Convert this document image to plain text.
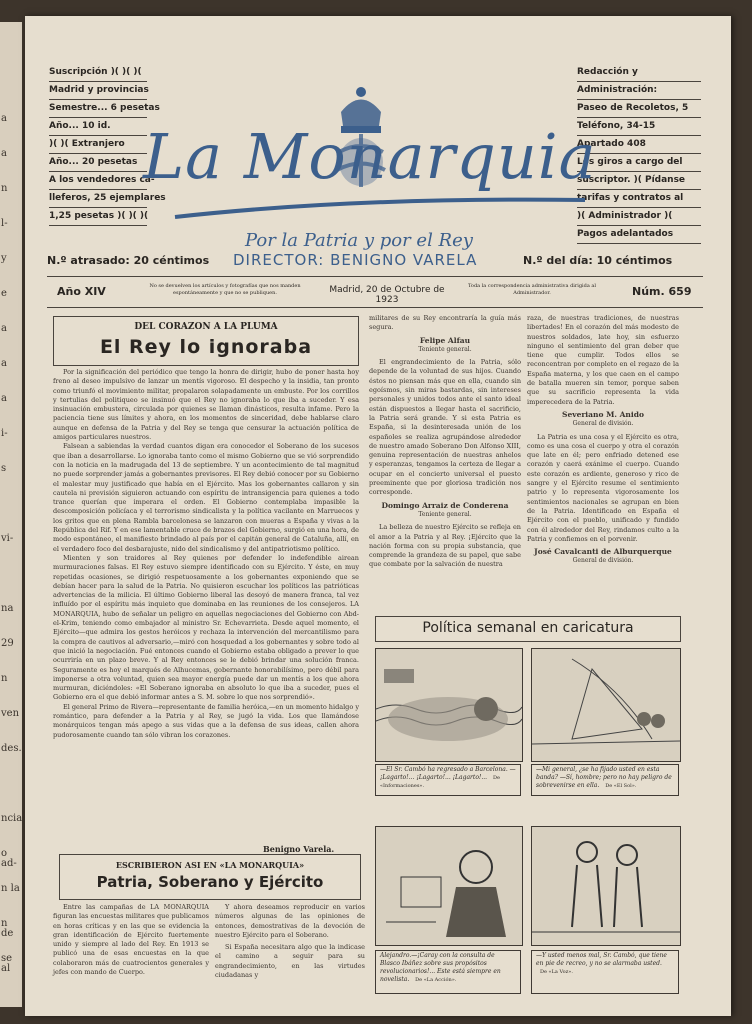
a
a
n
l-
y
e
a
a
a
i-
s
vi-
na
29
n
ven
des.
ncia,
o ad-
n la
n de
se al
Suscripción )( )( )(
Madrid y provincias
Semestre... 6 pesetas
Año... 10 id.
)( )( Extranjero
Año... 20 pesetas
A los vendedores ca-
lleferos, 25 ejemplares
1,25 pesetas )( )( )(
Redacción y
Administración:
Paseo de Recoletos, 5
Teléfono, 34-15
Apartado 408
Los giros a cargo del
suscriptor. )( Pídanse
tarifas y contratos al
)( Administrador )(
Pagos adelantados
La Monarquia
Por la Patria y por el Rey
N.º atrasado: 20 céntimos	DIRECTOR: BENIGNO VARELA	N.º del día: 10 céntimos
Año XIV	No se devuelven los artículos y fotografías que nos manden espontáneamente y que no se publiquen.	Madrid, 20 de Octubre de 1923
Toda la correspondencia administrativa dirigida al Administrador.	Núm. 659
DEL CORAZON A LA PLUMA
El Rey lo ignoraba

Por la significación del periódico que tengo la honra de dirigir, hubo de poner hasta hoy freno al deseo impulsivo de lanzar un mentís vigoroso. El despecho y la insidia, tan pronto como triunfó el movimiento militar, propalaron solapadamente un embuste. Por los corrillos y tertulias del politiqueo se insinuó que el Rey no ignoraba lo que iba a suceder. Y esa insinuación embustera, circulada por quienes se llaman dinásticos, resulta infame. Pero la paciencia tiene sus límites y ahora, en los momentos de sinceridad, debe hablarse claro aunque en defensa de la Patria y del Rey se tenga que censurar la actuación política de amigos particulares nuestros.

Falsean a sabiendas la verdad cuantos digan era conocedor el Soberano de los sucesos que iban a desarrollarse. Lo ignoraba tanto como el mismo Gobierno que se vió sorprendido con la noticia en la madrugada del 13 de septiembre. Y un acontecimiento de tal magnitud no puede sorprender jamás a gobernantes previsores. El Rey debió conocer por su Gobierno el malestar muy justificado que había en el Ejército. Mas los gobernantes callaron y sin cautela ni previsión siguieron actuando con espíritu de intransigencia para quienes a todo trance querían que imperara el orden. El Gobierno contemplaba impasible la descomposición policíaca y el terrorismo sindicalista y la política vacilante en Marruecos y los gritos que en plena Rambla barcelonesa se lanzaron con mueras a España y vivas a la República del Rif. Y en ese lamentable cruce de brazos del Gobierno, surgió en una hora, de modo espontáneo, el manifiesto brindado al país por el capitán general de Cataluña, allí, en el verdadero foco del desbarajuste, nido del sindicalismo y del antipatriotismo político.

Mienten y son traidores al Rey quienes por defender lo indefendible airean murmuraciones falsas. El Rey estuvo siempre identificado con su Ejército. Y éste, en muy repetidas ocasiones, se dirigió respetuosamente a los gobernantes exponiendo que se debían hacer para la salud de la Patria. No quisieron escuchar los políticos las patrióticas advertencias de la milicia. El último Gobierno liberal las desoyó de manera franca, tal vez influído por el espíritu más inquieto que dominaba en las reuniones de los consejeros. LA MONARQUIA, hubo de señalar un peligro en aquellas negociaciones del Gobierno con Abd-el-Krim, teniendo como embajador al ministro Sr. Echevarrieta. Desde aquel momento, el Ejército—que admira los gestos heróicos y rechaza la intervención del mercantilismo para la compra de cautivos al adversario,—miró con hosquedad a los gobernantes y sobre todo al que inició la negociación. Fué entonces cuando el Gobierno estaba obligado a prever lo que ocurriría en un plazo breve. Y al Rey entonces se le debió brindar una solución franca. Seguramente es hoy el marqués de Alhucemas, gobernante honorabilísimo, pero débil para imponerse a otra voluntad, quien sea mayor energía puede dar un mentís a los que ahora murmuran, diciéndoles: «El Soberano ignoraba en absoluto lo que iba a suceder, pues el Gobierno era el que debió informar antes a S. M. sobre lo que nos sorprendió».

El general Primo de Rivera—representante de familia heróica,—en un momento hidalgo y romántico, para defender a la Patria y al Rey, se jugó la vida. Los que llamándose monárquicos tengan más apego a sus vidas que a la defensa de sus ideas, callen ahora pudorosamente cuando tan sólo vibran los corazones.

Benigno Varela.
ESCRIBIERON ASI EN «LA MONARQUIA»
Patria, Soberano y Ejército

Entre las campañas de LA MONARQUIA figuran las encuestas militares que publicamos en horas críticas y en las que se evidencia la gran identificación de Ejército fuertemente unido y siempre al lado del Rey. En 1913 se publicó una de esas encuestas en la que colaboraron más de cuatrocientos generales y jefes con mando de Cuerpo.

Y ahora deseamos reproducir en varios números algunas de las opiniones de entonces, demostrativas de la devoción de nuestro Ejército para el Soberano.

Si España necesitara algo que la indicase el camino a seguir para su engrandecimiento, en las virtudes ciudadanas y

militares de su Rey encontraría la guía más segura.

Felipe Alfau
Teniente general.

El engrandecimiento de la Patria, sólo depende de la voluntad de sus hijos. Cuando éstos no piensan más que en ella, cuando sin egoísmos, sin miras bastardas, sin intereses personales y unidos todos ante el santo ideal están dispuestos a llegar hasta el sacrificio, la Patria será grande. Y si esta Patria es España, si la desinteresada unión de los españoles se realiza agrupándose alrededor de nuestro amado Soberano Don Alfonso XIII, genuina representación de nuestras anhelos y esperanzas, tengamos la certeza de llegar a ocupar en el concierto universal el puesto preeminente que por gloriosa tradición nos corresponde.

Domingo Arraiz de Conderena
Teniente general.

La belleza de nuestro Ejército se refleja en el amor a la Patria y al Rey. ¡Ejército que la nación forma con su propia substancia, que comprende la grandeza de su papel, que sabe que combate por la salvación de nuestra

raza, de nuestras tradiciones, de nuestras libertades! En el corazón del más modesto de nuestros soldados, late hoy, sin esfuerzo ninguno el sentimiento del gran deber que tiene que cumplir. Todos ellos se reconcentran por completo en el regazo de la España materna, y los que caen en el campo de batalla mueren sin temor, porque saben que su sacrificio representa la vida imperecedera de la Patria.

Severiano M. Anido
General de división.

La Patria es una cosa y el Ejército es otra, como es una cosa el cuerpo y otra el corazón que late en él; pero enfriado detened ese corazón y caerá exánime el cuerpo. Cuando este corazón es ardiente, generoso y rico de sangre y el Ejército resume el sentimiento patrio y lo representa vigorosamente los sentimientos nacionales se agrupan en bien de la Patria. Identificado en España el Ejército con el pueblo, unificado y fundido con él alrededor del Rey, rindamos culto a la Patria y confiemos en el porvenir.

José Cavalcanti de Alburquerque
General de división.
Política semanal en caricatura
—El Sr. Cambó ha regresado a Barcelona. —¡Lagarto!... ¡Lagarto!... ¡Lagarto!... De «Informaciones».
—Mi general, ¿se ha fijado usted en esta banda? —Sí, hombre; pero no hay peligro de sobrevenirse en ella. De «El Sol».
Alejandro.—¡Caray con la consulta de Blasco Ibáñez sobre sus propósitos revolucionarios!... Este está siempre en novelista. De «La Acción».
—Y usted menos mal, Sr. Cambó, que tiene en pie de recreo, y no se alarmaba usted. De «La Voz».
